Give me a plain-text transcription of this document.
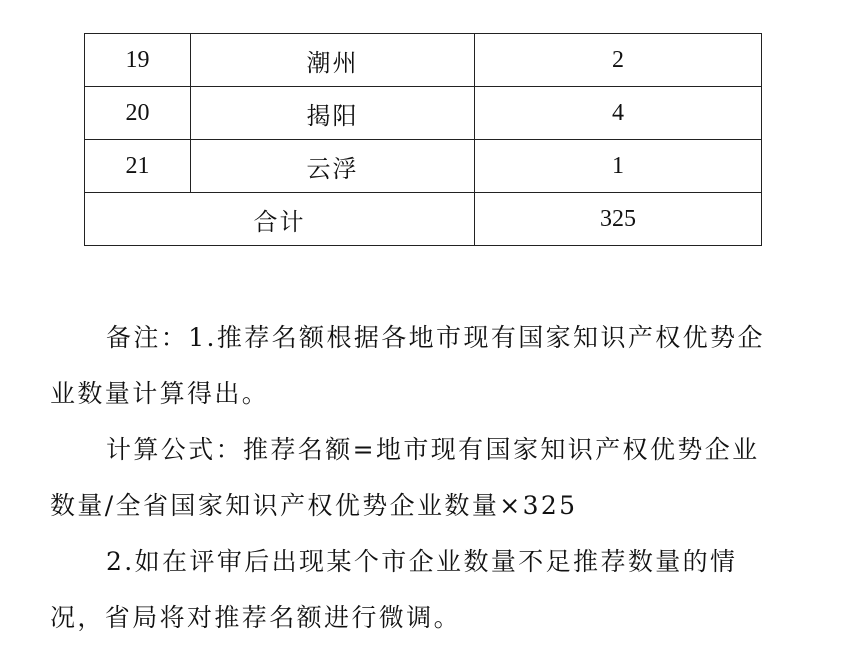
19	潮州	2
20	揭阳	4
21	云浮	1
合计		325
备注：1.推荐名额根据各地市现有国家知识产权优势企
业数量计算得出。
计算公式：推荐名额=地市现有国家知识产权优势企业
数量/全省国家知识产权优势企业数量×325
2.如在评审后出现某个市企业数量不足推荐数量的情
况，省局将对推荐名额进行微调。
